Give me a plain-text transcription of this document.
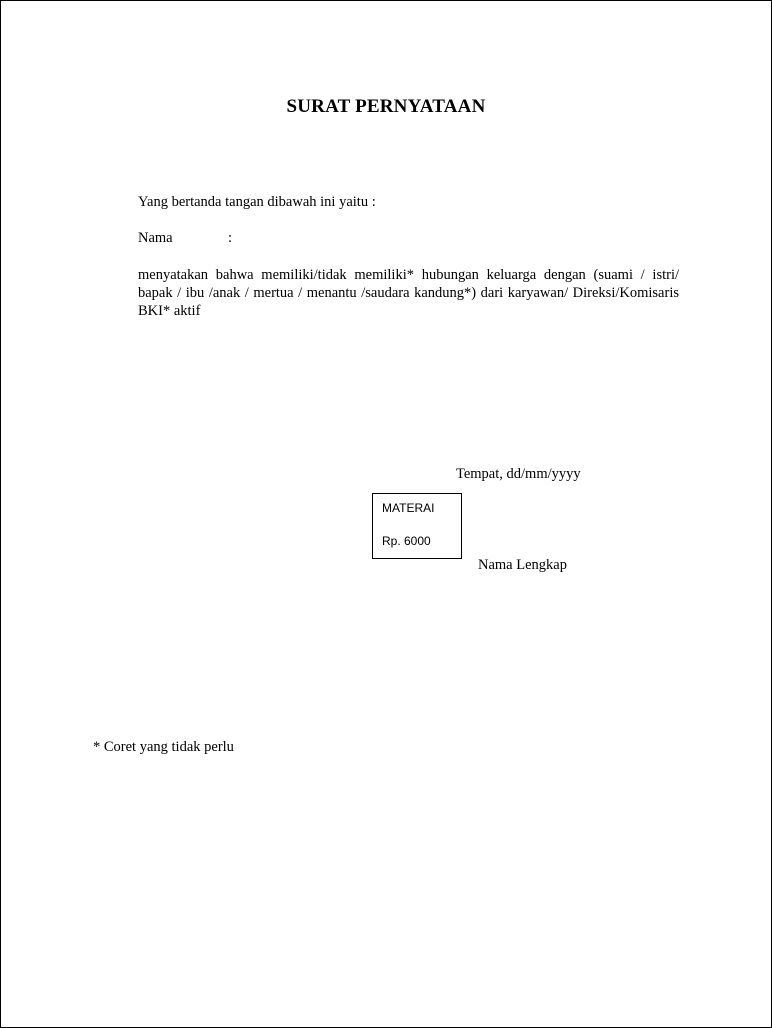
SURAT PERNYATAAN
Yang bertanda tangan dibawah ini yaitu :
Nama	:
menyatakan bahwa memiliki/tidak memiliki* hubungan keluarga dengan (suami / istri/ bapak / ibu /anak / mertua / menantu /saudara kandung*) dari karyawan/ Direksi/Komisaris BKI* aktif
Tempat, dd/mm/yyyy
MATERAI
Rp. 6000
Nama Lengkap
* Coret yang tidak perlu
